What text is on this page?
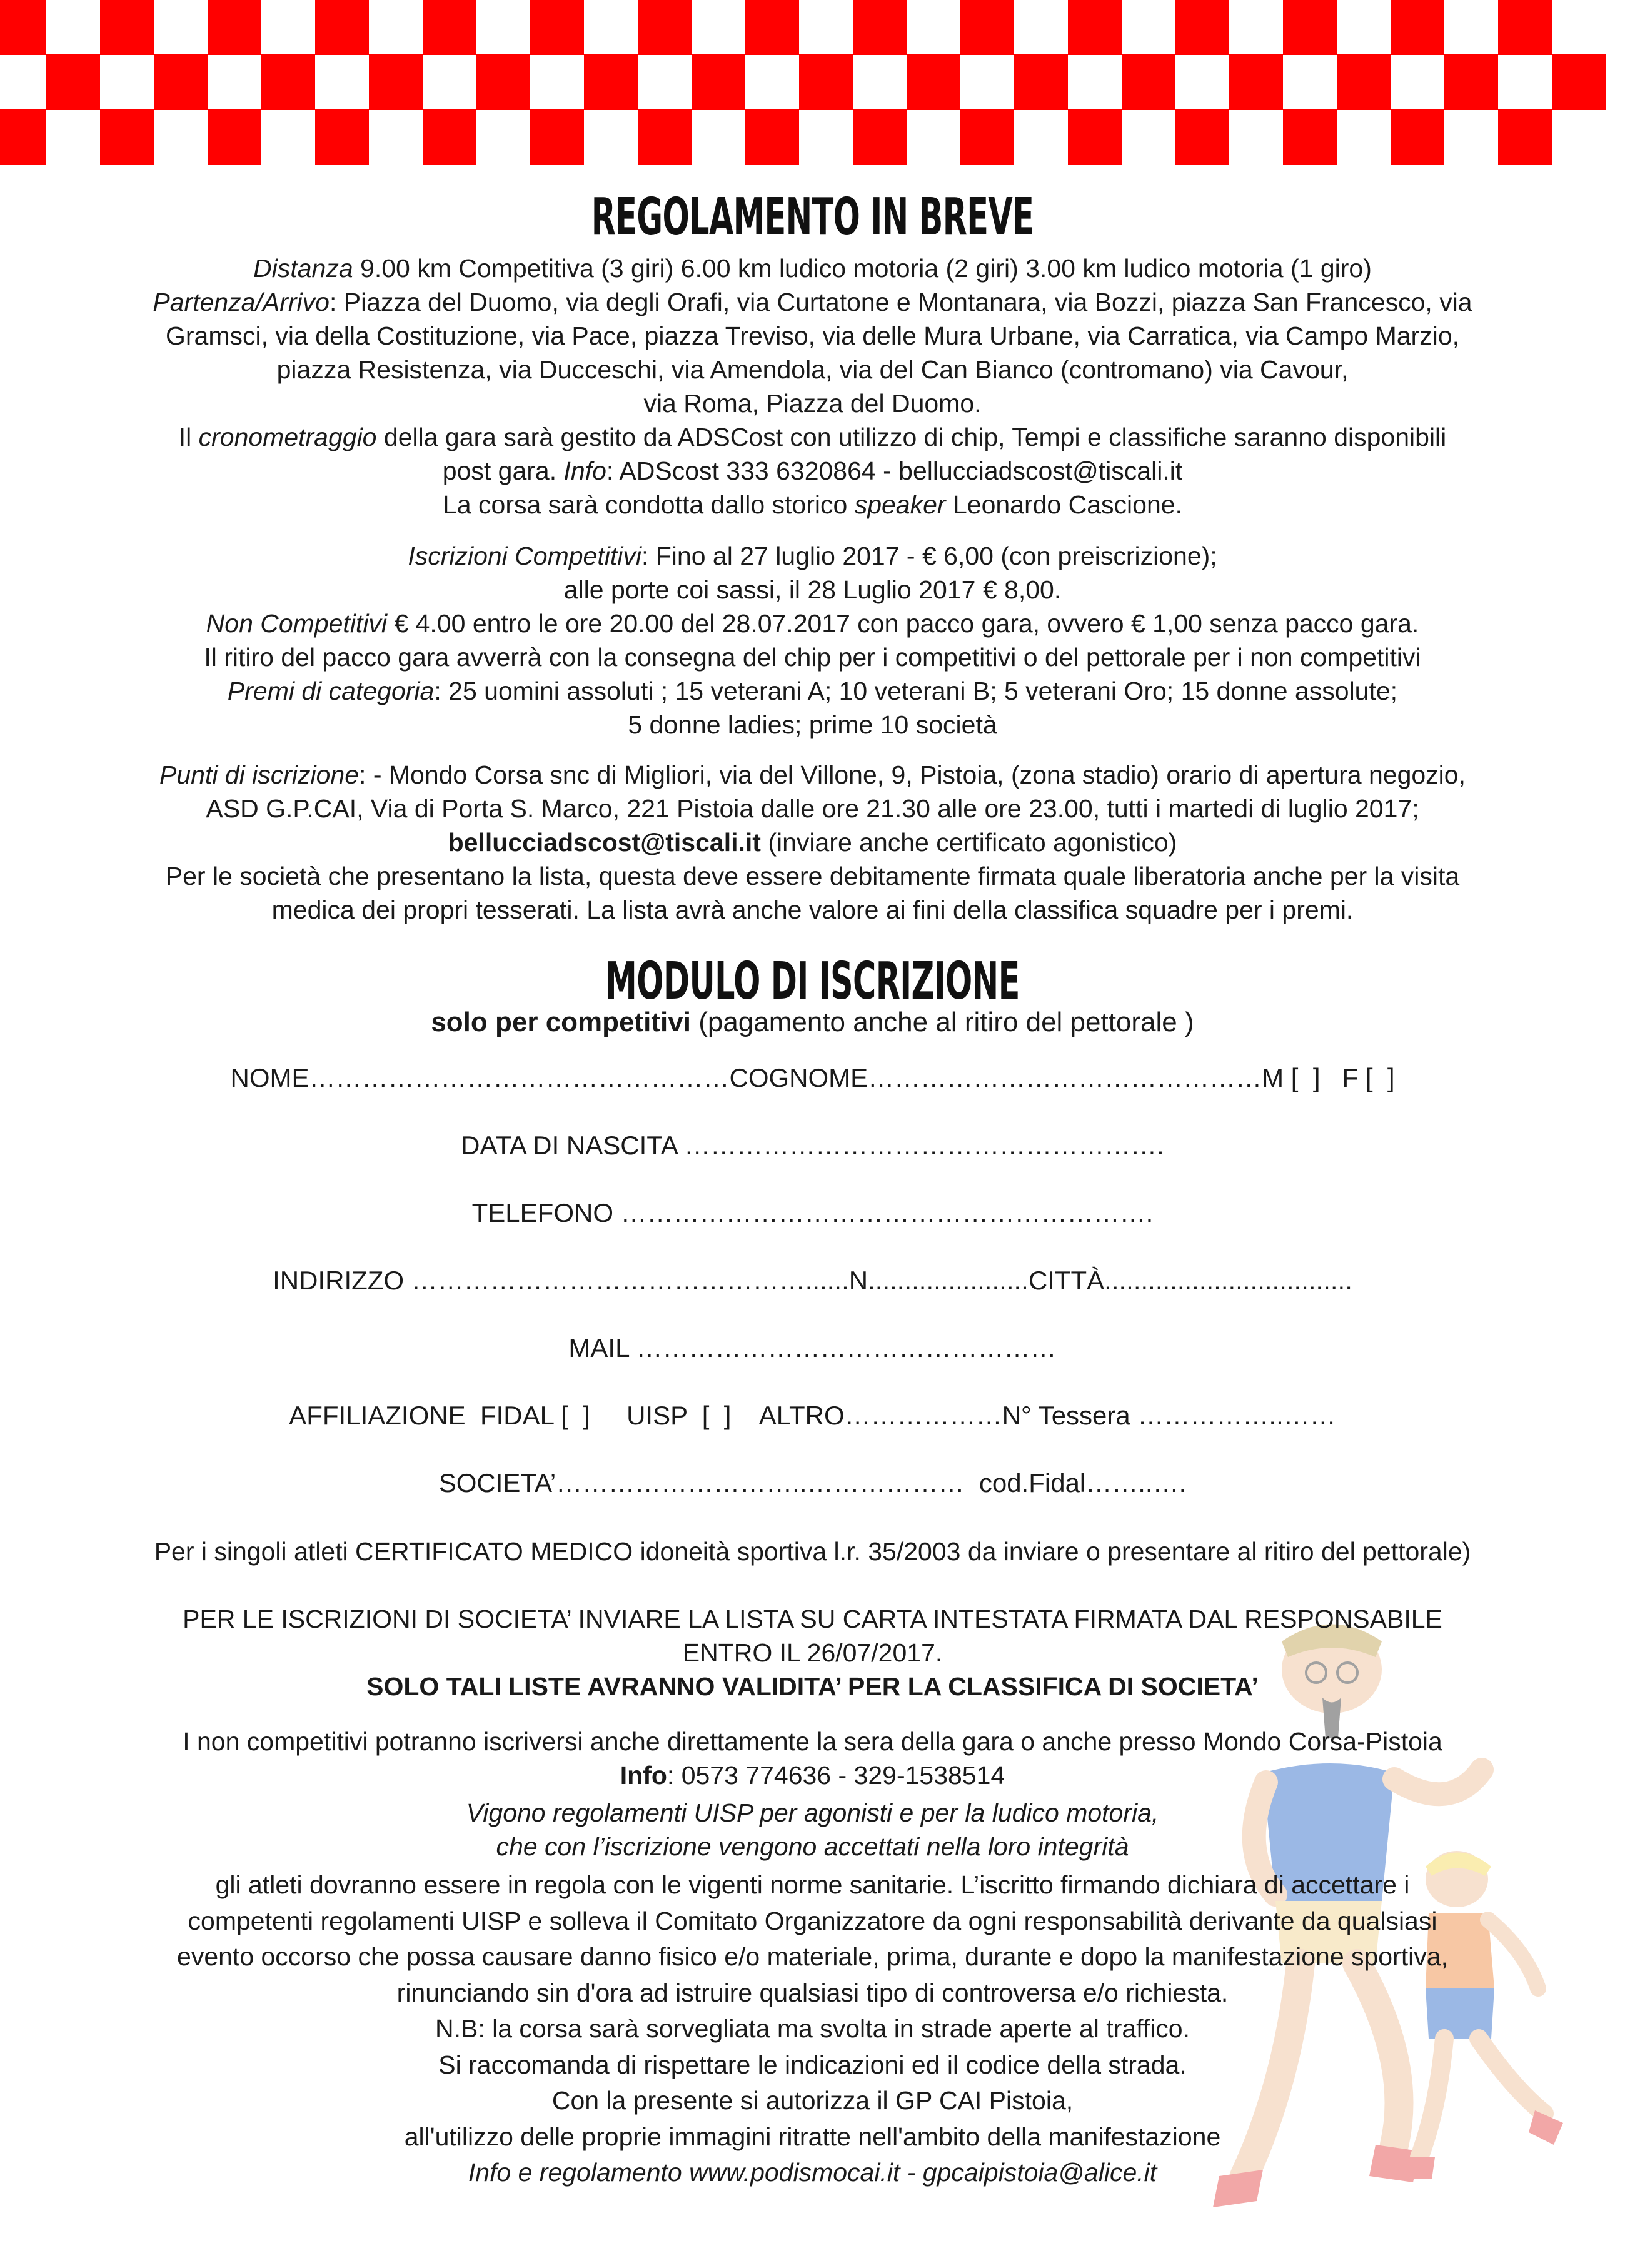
REGOLAMENTO IN BREVE
Distanza 9.00 km Competitiva (3 giri) 6.00 km ludico motoria (2 giri) 3.00 km ludico motoria (1 giro)
Partenza/Arrivo: Piazza del Duomo, via degli Orafi, via Curtatone e Montanara, via Bozzi, piazza San Francesco, via
Gramsci, via della Costituzione, via Pace, piazza Treviso, via delle Mura Urbane, via Carratica, via Campo Marzio,
piazza Resistenza, via Ducceschi, via Amendola, via del Can Bianco (contromano) via Cavour,
via Roma, Piazza del Duomo.
Il cronometraggio della gara sarà gestito da ADSCost con utilizzo di chip, Tempi e classifiche saranno disponibili
post gara. Info: ADScost 333 6320864 - bellucciadscost@tiscali.it
La corsa sarà condotta dallo storico speaker Leonardo Cascione.
Iscrizioni Competitivi: Fino al 27 luglio 2017 - € 6,00 (con preiscrizione);
alle porte coi sassi, il 28 Luglio 2017 € 8,00.
Non Competitivi € 4.00 entro le ore 20.00 del 28.07.2017 con pacco gara, ovvero € 1,00 senza pacco gara.
Il ritiro del pacco gara avverrà con la consegna del chip per i competitivi o del pettorale per i non competitivi
Premi di categoria: 25 uomini assoluti ; 15 veterani A; 10 veterani B; 5 veterani Oro; 15 donne assolute;
5 donne ladies; prime 10 società
Punti di iscrizione: - Mondo Corsa snc di Migliori, via del Villone, 9, Pistoia, (zona stadio) orario di apertura negozio,
ASD G.P.CAI, Via di Porta S. Marco, 221 Pistoia dalle ore 21.30 alle ore 23.00, tutti i martedi di luglio 2017;
bellucciadscost@tiscali.it (inviare anche certificato agonistico)
Per le società che presentano la lista, questa deve essere debitamente firmata quale liberatoria anche per la visita
medica dei propri tesserati. La lista avrà anche valore ai fini della classifica squadre per i premi.
MODULO DI ISCRIZIONE
solo per competitivi (pagamento anche al ritiro del pettorale )
NOME…………………………………………COGNOME………………………………………M [  ]   F [  ]
DATA DI NASCITA ……………………………………………….
TELEFONO …………………………………………………….
INDIRIZZO ………………………………………......N......................CITTÀ..................................
MAIL …………………………………………
AFFILIAZIONE  FIDAL [  ]     UISP  [  ]    ALTRO………………N° Tessera ……………..……
SOCIETA’………………………..………………  cod.Fidal……..….
Per i singoli atleti CERTIFICATO MEDICO idoneità sportiva l.r. 35/2003 da inviare o presentare al ritiro del pettorale)
PER LE ISCRIZIONI DI SOCIETA’ INVIARE LA LISTA SU CARTA INTESTATA FIRMATA DAL RESPONSABILE
ENTRO IL 26/07/2017.
SOLO TALI LISTE AVRANNO VALIDITA’ PER LA CLASSIFICA DI SOCIETA’
I non competitivi potranno iscriversi anche direttamente la sera della gara o anche presso Mondo Corsa-Pistoia
Info: 0573 774636 - 329-1538514
Vigono regolamenti UISP per agonisti e per la ludico motoria,
che con l’iscrizione vengono accettati nella loro integrità
gli atleti dovranno essere in regola con le vigenti norme sanitarie. L’iscritto firmando dichiara di accettare i
competenti regolamenti UISP e solleva il Comitato Organizzatore da ogni responsabilità derivante da qualsiasi
evento occorso che possa causare danno fisico e/o materiale, prima, durante e dopo la manifestazione sportiva,
rinunciando sin d'ora ad istruire qualsiasi tipo di controversa e/o richiesta.
N.B: la corsa sarà sorvegliata ma svolta in strade aperte al traffico.
Si raccomanda di rispettare le indicazioni ed il codice della strada.
Con la presente si autorizza il GP CAI Pistoia,
all'utilizzo delle proprie immagini ritratte nell'ambito della manifestazione
Info e regolamento www.podismocai.it - gpcaipistoia@alice.it
